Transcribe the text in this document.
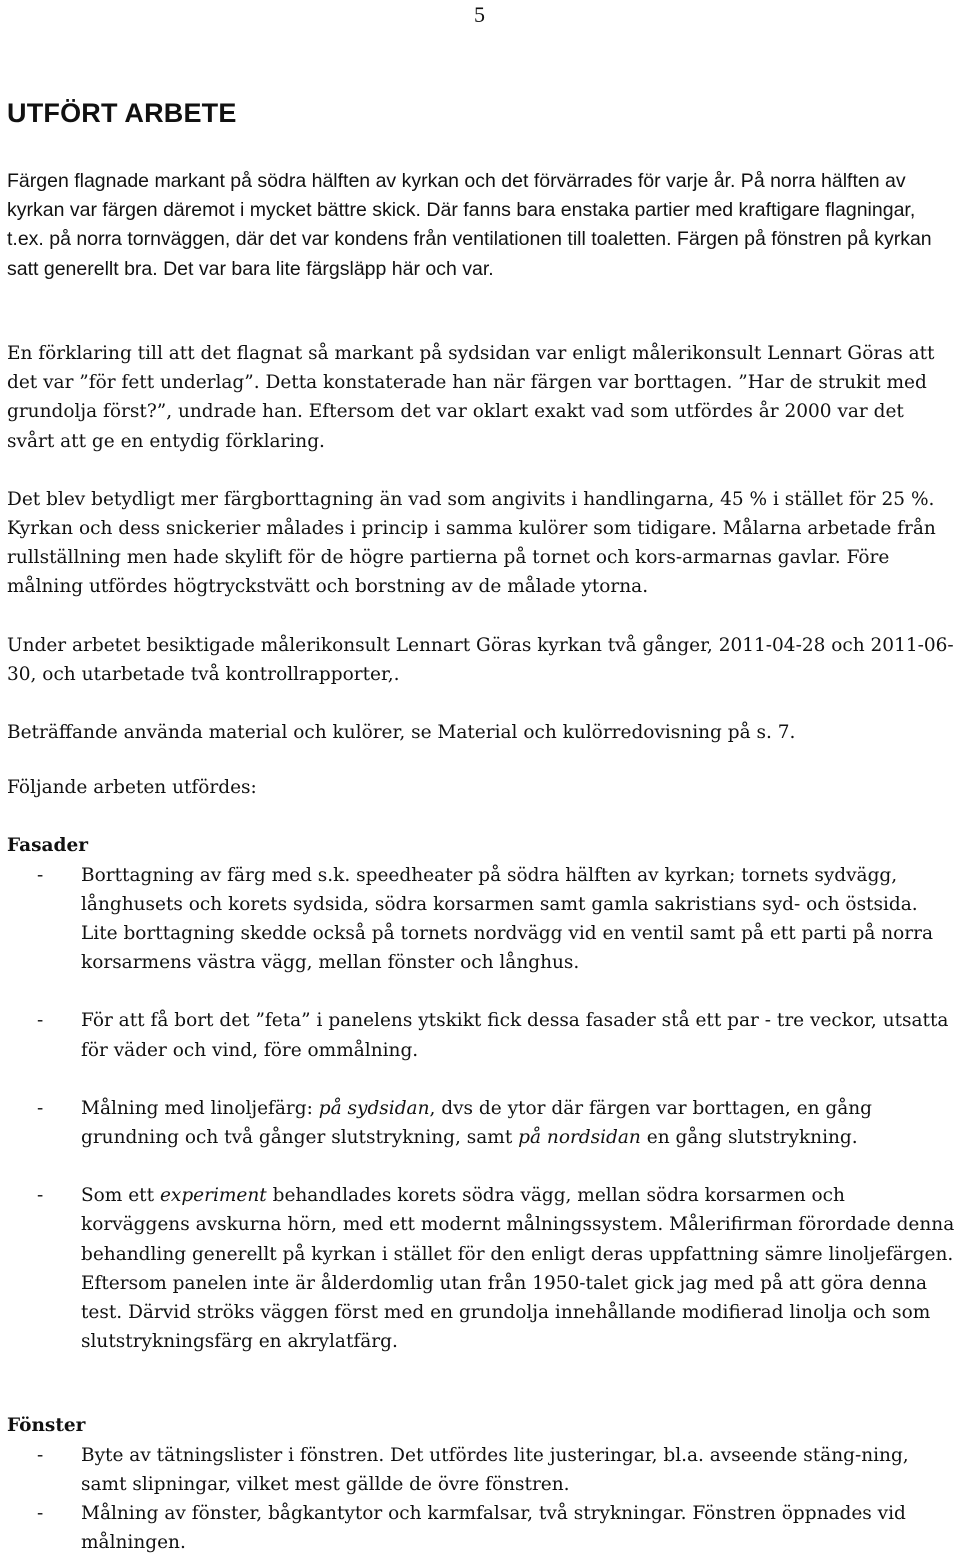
5
UTFÖRT ARBETE

Färgen flagnade markant på södra hälften av kyrkan och det förvärrades för varje år. På norra hälften av kyrkan var färgen däremot i mycket bättre skick. Där fanns bara enstaka partier med kraftigare flagningar, t.ex. på norra tornväggen, där det var kondens från ventilationen till toaletten. Färgen på fönstren på kyrkan satt generellt bra. Det var bara lite färgsläpp här och var.

En förklaring till att det flagnat så markant på sydsidan var enligt målerikonsult Lennart Göras att det var ”för fett underlag”. Detta konstaterade han när färgen var borttagen. ”Har de strukit med grundolja först?”, undrade han. Eftersom det var oklart exakt vad som utfördes år 2000 var det svårt att ge en entydig förklaring.

Det blev betydligt mer färgborttagning än vad som angivits i handlingarna, 45 % i stället för 25 %. Kyrkan och dess snickerier målades i princip i samma kulörer som tidigare. Målarna arbetade från rullställning men hade skylift för de högre partierna på tornet och kors-armarnas gavlar. Före målning utfördes högtryckstvätt och borstning av de målade ytorna.

Under arbetet besiktigade målerikonsult Lennart Göras kyrkan två gånger, 2011-04-28 och 2011-06-30, och utarbetade två kontrollrapporter,.

Beträffande använda material och kulörer, se Material och kulörredovisning på s. 7.

Följande arbeten utfördes:

Fasader
- Borttagning av färg med s.k. speedheater på södra hälften av kyrkan; tornets sydvägg, långhusets och korets sydsida, södra korsarmen samt gamla sakristians syd- och östsida. Lite borttagning skedde också på tornets nordvägg vid en ventil samt på ett parti på norra korsarmens västra vägg, mellan fönster och långhus.
- För att få bort det ”feta” i panelens ytskikt fick dessa fasader stå ett par - tre veckor, utsatta för väder och vind, före ommålning.
- Målning med linoljefärg: på sydsidan, dvs de ytor där färgen var borttagen, en gång grundning och två gånger slutstrykning, samt på nordsidan en gång slutstrykning.
- Som ett experiment behandlades korets södra vägg, mellan södra korsarmen och korväggens avskurna hörn, med ett modernt målningssystem. Målerifirman förordade denna behandling generellt på kyrkan i stället för den enligt deras uppfattning sämre linoljefärgen. Eftersom panelen inte är ålderdomlig utan från 1950-talet gick jag med på att göra denna test. Därvid ströks väggen först med en grundolja innehållande modifierad linolja och som slutstrykningsfärg en akrylatfärg.
Fönster
- Byte av tätningslister i fönstren. Det utfördes lite justeringar, bl.a. avseende stäng-ning, samt slipningar, vilket mest gällde de övre fönstren.
- Målning av fönster, bågkantytor och karmfalsar, två strykningar. Fönstren öppnades vid målningen.
